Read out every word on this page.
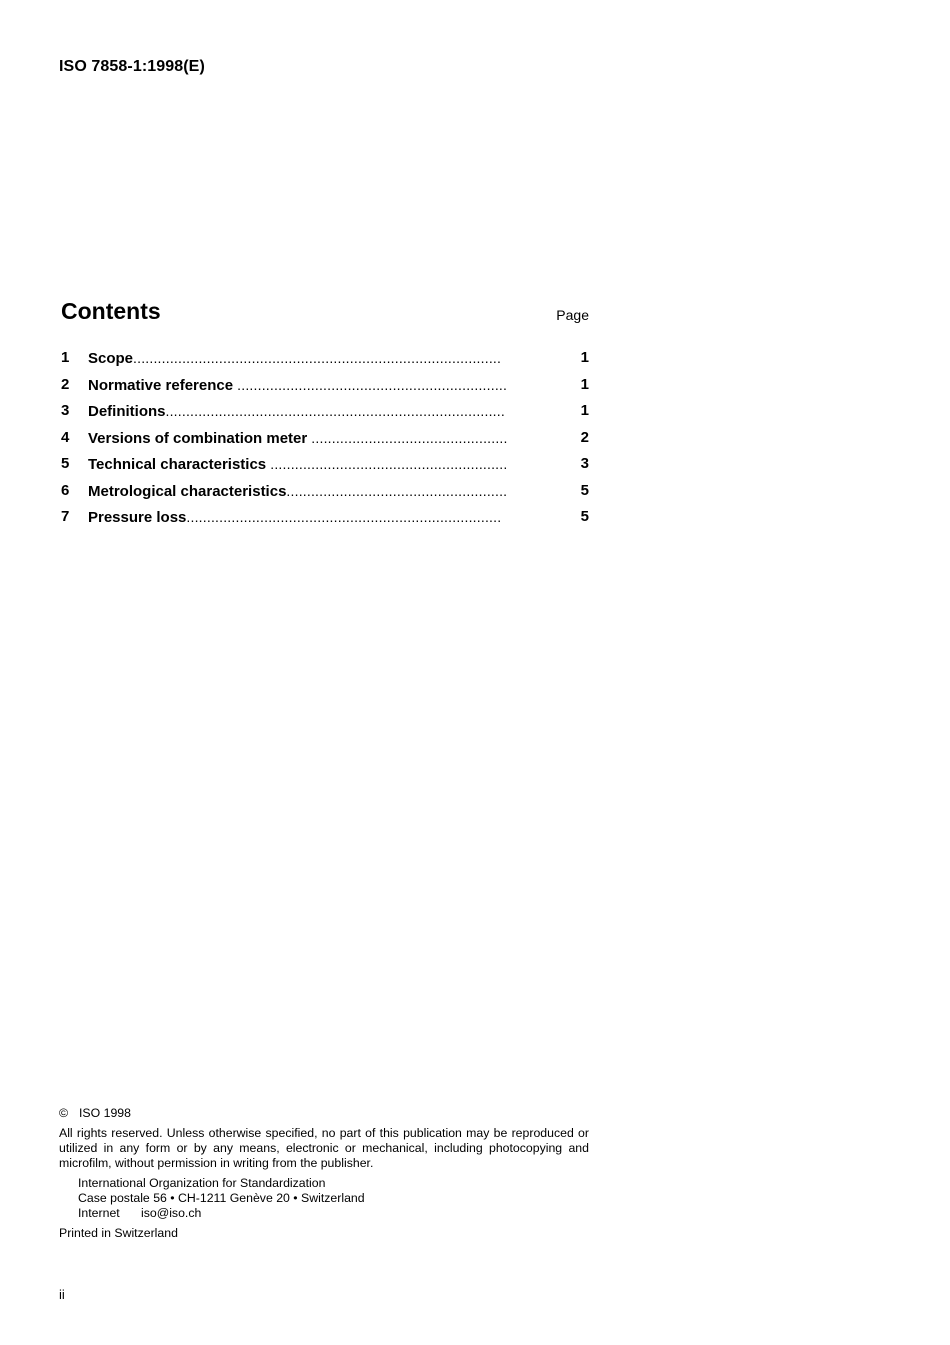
ISO 7858-1:1998(E)
Contents	Page
1 Scope..........................................................................................	1
2 Normative reference ..................................................................	1
3 Definitions...................................................................................	1
4 Versions of combination meter ................................................	2
5 Technical characteristics ..........................................................	3
6 Metrological characteristics......................................................	5
7 Pressure loss.............................................................................	5
© ISO 1998

All rights reserved. Unless otherwise specified, no part of this publication may be reproduced or utilized in any form or by any means, electronic or mechanical, including photocopying and microfilm, without permission in writing from the publisher.

International Organization for Standardization
Case postale 56 • CH-1211 Genève 20 • Switzerland
Internet iso@iso.ch
Printed in Switzerland
ii
